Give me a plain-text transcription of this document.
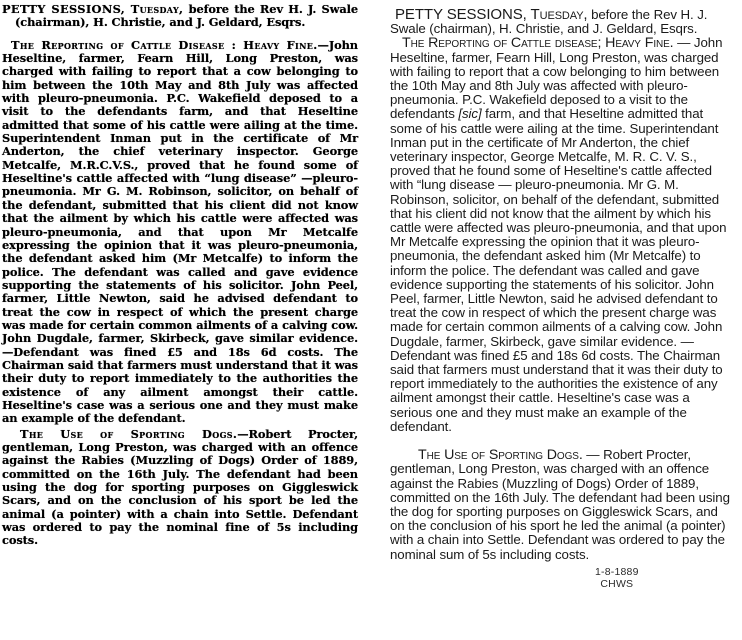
PETTY SESSIONS, Tuesday, before the Rev H. J. Swale (chairman), H. Christie, and J. Geldard, Esqrs.

The Reporting of Cattle Disease : Heavy Fine.—John Heseltine, farmer, Fearn Hill, Long Preston, was charged with failing to report that a cow belonging to him between the 10th May and 8th July was affected with pleuro-pneumonia. P.C. Wakefield deposed to a visit to the defendants farm, and that Heseltine admitted that some of his cattle were ailing at the time. Superintendent Inman put in the certificate of Mr Anderton, the chief veterinary inspector. George Metcalfe, M.R.C.V.S., proved that he found some of Heseltine's cattle affected with “lung disease” —pleuro-pneumonia. Mr G. M. Robinson, solicitor, on behalf of the defendant, submitted that his client did not know that the ailment by which his cattle were affected was pleuro-pneumonia, and that upon Mr Metcalfe expressing the opinion that it was pleuro-pneumonia, the defendant asked him (Mr Metcalfe) to inform the police. The defendant was called and gave evidence supporting the statements of his solicitor. John Peel, farmer, Little Newton, said he advised defendant to treat the cow in respect of which the present charge was made for certain common ailments of a calving cow. John Dugdale, farmer, Skirbeck, gave similar evidence.—Defendant was fined £5 and 18s 6d costs. The Chairman said that farmers must understand that it was their duty to report immediately to the authorities the existence of any ailment amongst their cattle. Heseltine's case was a serious one and they must make an example of the defendant.

The Use of Sporting Dogs.—Robert Procter, gentleman, Long Preston, was charged with an offence against the Rabies (Muzzling of Dogs) Order of 1889, committed on the 16th July. The defendant had been using the dog for sporting purposes on Giggleswick Scars, and on the conclusion of his sport be led the animal (a pointer) with a chain into Settle. Defendant was ordered to pay the nominal fine of 5s including costs.

PETTY SESSIONS, Tuesday, before the Rev H. J. Swale (chairman), H. Christie, and J. Geldard, Esqrs.

The Reporting of Cattle disease; Heavy Fine. — John Heseltine, farmer, Fearn Hill, Long Preston, was charged with failing to report that a cow belonging to him between the 10th May and 8th July was affected with pleuro-pneumonia. P.C. Wakefield deposed to a visit to the defendants [sic] farm, and that Heseltine admitted that some of his cattle were ailing at the time. Superintendant Inman put in the certificate of Mr Anderton, the chief veterinary inspector, George Metcalfe, M. R. C. V. S., proved that he found some of Heseltine's cattle affected with “lung disease — pleuro-pneumonia. Mr G. M. Robinson, solicitor, on behalf of the defendant, submitted that his client did not know that the ailment by which his cattle were affected was pleuro-pneumonia, and that upon Mr Metcalfe expressing the opinion that it was pleuro-pneumonia, the defendant asked him (Mr Metcalfe) to inform the police. The defendant was called and gave evidence supporting the statements of his solicitor. John Peel, farmer, Little Newton, said he advised defendant to treat the cow in respect of which the present charge was made for certain common ailments of a calving cow. John Dugdale, farmer, Skirbeck, gave similar evidence. — Defendant was fined £5 and 18s 6d costs. The Chairman said that farmers must understand that it was their duty to report immediately to the authorities the existence of any ailment amongst their cattle. Heseltine's case was a serious one and they must make an example of the defendant.

The Use of Sporting Dogs. — Robert Procter, gentleman, Long Preston, was charged with an offence against the Rabies (Muzzling of Dogs) Order of 1889, committed on the 16th July. The defendant had been using the dog for sporting purposes on Giggleswick Scars, and on the conclusion of his sport he led the animal (a pointer) with a chain into Settle. Defendant was ordered to pay the nominal sum of 5s including costs.

1-8-1889
CHWS
